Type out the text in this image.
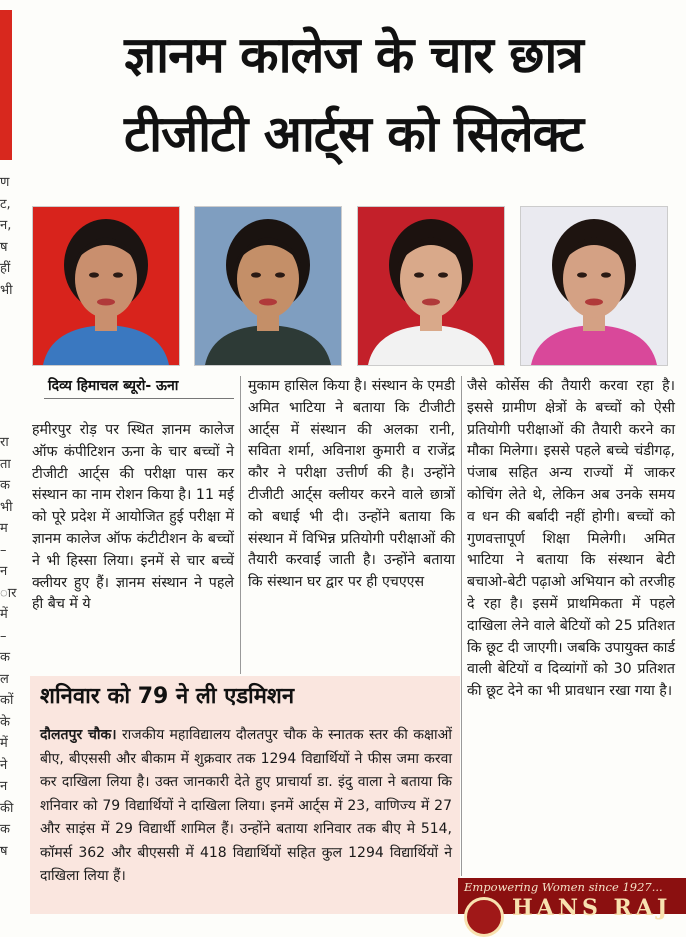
ण
ट,
न,
ष
हीं
भी
रा
ता
क
भी
म
–
न
ार
में
–
क
ल
कों
के
में
ने
न
की
क
ष
ज्ञानम कालेज के चार छात्र
टीजीटी आर्ट्स को सिलेक्ट
दिव्य हिमाचल ब्यूरो- ऊना

हमीरपुर रोड़ पर स्थित ज्ञानम कालेज ऑफ कंपीटिशन ऊना के चार बच्चों ने टीजीटी आर्ट्स की परीक्षा पास कर संस्थान का नाम रोशन किया है। 11 मई को पूरे प्रदेश में आयोजित हुई परीक्षा में ज्ञानम कालेज ऑफ कंटीटीशन के बच्चों ने भी हिस्सा लिया। इनमें से चार बच्चें क्लीयर हुए हैं। ज्ञानम संस्थान ने पहले ही बैच में ये

मुकाम हासिल किया है। संस्थान के एमडी अमित भाटिया ने बताया कि टीजीटी आर्ट्स में संस्थान की अलका रानी, सविता शर्मा, अविनाश कुमारी व राजेंद्र कौर ने परीक्षा उत्तीर्ण की है। उन्होंने टीजीटी आर्ट्स क्लीयर करने वाले छात्रों को बधाई भी दी। उन्होंने बताया कि संस्थान में विभिन्न प्रतियोगी परीक्षाओं की तैयारी करवाई जाती है। उन्होंने बताया कि संस्थान घर द्वार पर ही एचएएस

जैसे कोर्सेस की तैयारी करवा रहा है। इससे ग्रामीण क्षेत्रों के बच्चों को ऐसी प्रतियोगी परीक्षाओं की तैयारी करने का मौका मिलेगा। इससे पहले बच्चे चंडीगढ़, पंजाब सहित अन्य राज्यों में जाकर कोचिंग लेते थे, लेकिन अब उनके समय व धन की बर्बादी नहीं होगी। बच्चों को गुणवत्तापूर्ण शिक्षा मिलेगी। अमित भाटिया ने बताया कि संस्थान बेटी बचाओ-बेटी पढ़ाओ अभियान को तरजीह दे रहा है। इसमें प्राथमिकता में पहले दाखिला लेने वाले बेटियों को 25 प्रतिशत कि छूट दी जाएगी। जबकि उपायुक्त कार्ड वाली बेटियों व दिव्यांगों को 30 प्रतिशत की छूट देने का भी प्रावधान रखा गया है।

शनिवार को 79 ने ली एडमिशन
दौलतपुर चौक। राजकीय महाविद्यालय दौलतपुर चौक के स्नातक स्तर की कक्षाओं बीए, बीएससी और बीकाम में शुक्रवार तक 1294 विद्यार्थियों ने फीस जमा करवा कर दाखिला लिया है। उक्त जानकारी देते हुए प्राचार्या डा. इंदु वाला ने बताया कि शनिवार को 79 विद्यार्थियों ने दाखिला लिया। इनमें आर्ट्स में 23, वाणिज्य में 27 और साइंस में 29 विद्यार्थी शामिल हैं। उन्होंने बताया शनिवार तक बीए मे 514, कॉमर्स 362 और बीएससी में 418 विद्यार्थियों सहित कुल 1294 विद्यार्थियों ने दाखिला लिया हैं।
Empowering Women since 1927...
HANS RAJ
